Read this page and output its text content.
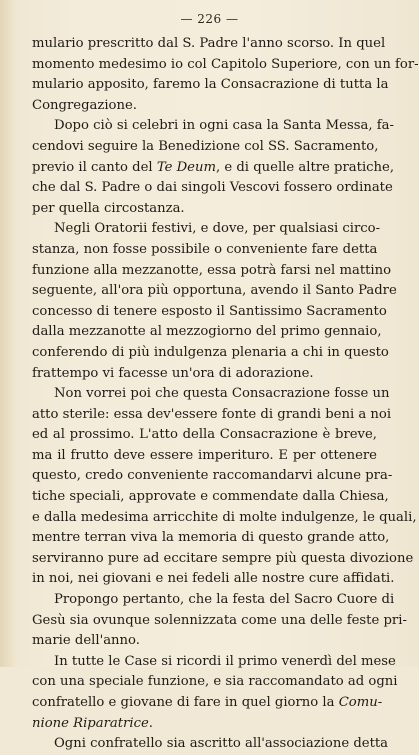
— 226 —
mulario prescritto dal S. Padre l'anno scorso. In quel
momento medesimo io col Capitolo Superiore, con un for-
mulario apposito, faremo la Consacrazione di tutta la
Congregazione.
Dopo ciò si celebri in ogni casa la Santa Messa, fa-
cendovi seguire la Benedizione col SS. Sacramento,
previo il canto del Te Deum, e di quelle altre pratiche,
che dal S. Padre o dai singoli Vescovi fossero ordinate
per quella circostanza.
Negli Oratorii festivi, e dove, per qualsiasi circo-
stanza, non fosse possibile o conveniente fare detta
funzione alla mezzanotte, essa potrà farsi nel mattino
seguente, all'ora più opportuna, avendo il Santo Padre
concesso di tenere esposto il Santissimo Sacramento
dalla mezzanotte al mezzogiorno del primo gennaio,
conferendo di più indulgenza plenaria a chi in questo
frattempo vi facesse un'ora di adorazione.
Non vorrei poi che questa Consacrazione fosse un
atto sterile: essa dev'essere fonte di grandi beni a noi
ed al prossimo. L'atto della Consacrazione è breve,
ma il frutto deve essere imperituro. E per ottenere
questo, credo conveniente raccomandarvi alcune pra-
tiche speciali, approvate e commendate dalla Chiesa,
e dalla medesima arricchite di molte indulgenze, le quali,
mentre terran viva la memoria di questo grande atto,
serviranno pure ad eccitare sempre più questa divozione
in noi, nei giovani e nei fedeli alle nostre cure affidati.
Propongo pertanto, che la festa del Sacro Cuore di
Gesù sia ovunque solennizzata come una delle feste pri-
marie dell'anno.
In tutte le Case si ricordi il primo venerdì del mese
con una speciale funzione, e sia raccomandato ad ogni
confratello e giovane di fare in quel giorno la Comu-
nione Riparatrice.
Ogni confratello sia ascritto all'associazione detta
